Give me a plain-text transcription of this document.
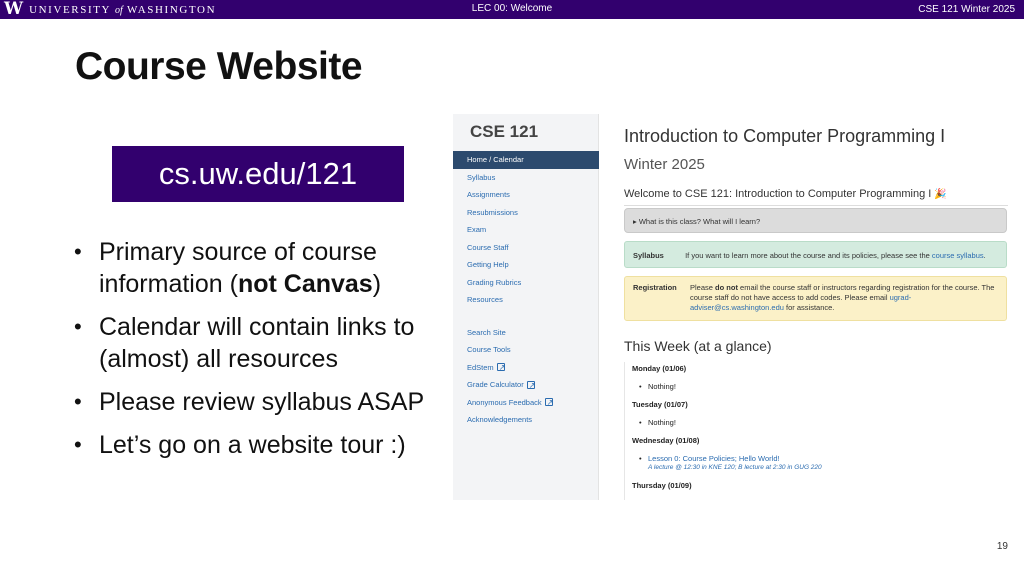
W UNIVERSITY of WASHINGTON	LEC 00: Welcome	CSE 121 Winter 2025
Course Website
cs.uw.edu/121
• Primary source of course information (not Canvas)
• Calendar will contain links to (almost) all resources
• Please review syllabus ASAP
• Let’s go on a website tour :)
CSE 121
Home / Calendar
Syllabus
Assignments
Resubmissions
Exam
Course Staff
Getting Help
Grading Rubrics
Resources
Search Site
Course Tools
EdStem
↗
Grade Calculator
↗
Anonymous Feedback
↗
Acknowledgements
Introduction to Computer Programming I
Winter 2025
Welcome to CSE 121: Introduction to Computer Programming I 🎉
▸ What is this class? What will I learn?
Syllabus	If you want to learn more about the course and its policies, please see the course syllabus.
Registration	Please do not email the course staff or instructors regarding registration for the course. The course staff do not have access to add codes. Please email ugrad-adviser@cs.washington.edu for assistance.
This Week (at a glance)
Monday (01/06)
• Nothing!
Tuesday (01/07)
• Nothing!
Wednesday (01/08)
• Lesson 0: Course Policies; Hello World!
A lecture @ 12:30 in KNE 120; B lecture at 2:30 in GUG 220
Thursday (01/09)
19
